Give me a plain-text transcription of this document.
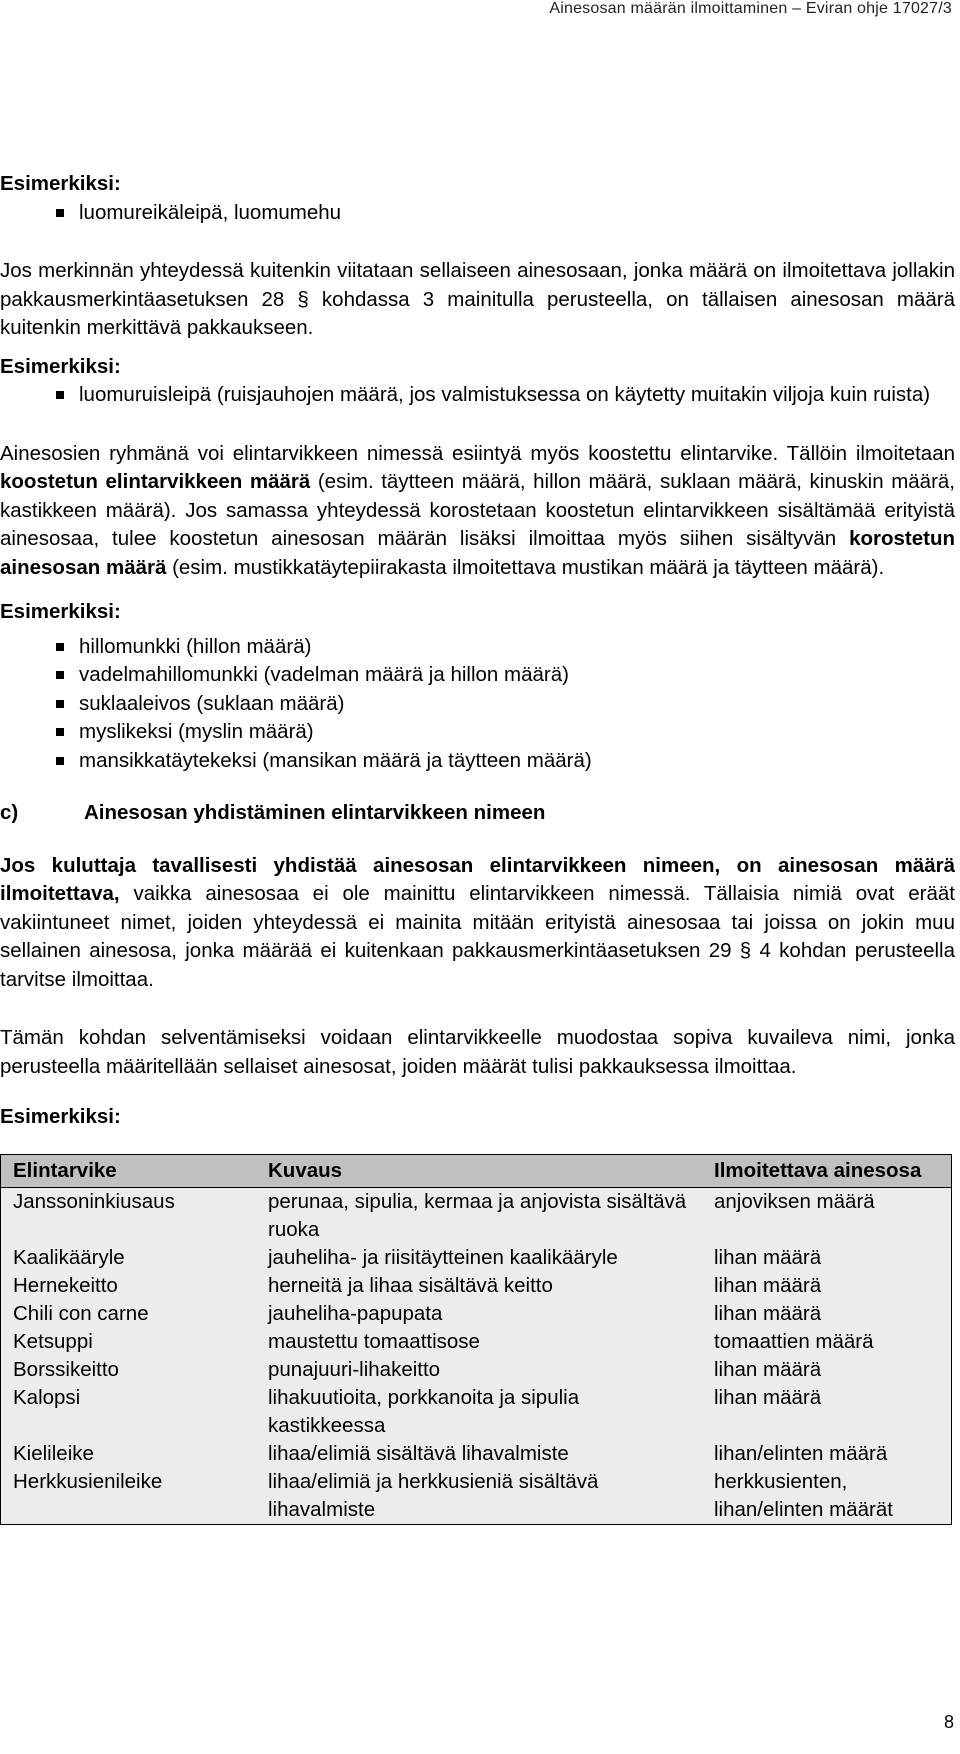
Ainesosan määrän ilmoittaminen – Eviran ohje 17027/3

Esimerkiksi:

luomureikäleipä, luomumehu

Jos merkinnän yhteydessä kuitenkin viitataan sellaiseen ainesosaan, jonka määrä on ilmoitettava jollakin pakkausmerkintäasetuksen 28 § kohdassa 3 mainitulla perusteella, on tällaisen ainesosan määrä kuitenkin merkittävä pakkaukseen.

Esimerkiksi:

luomuruisleipä (ruisjauhojen määrä, jos valmistuksessa on käytetty muitakin viljoja kuin ruista)

Ainesosien ryhmänä voi elintarvikkeen nimessä esiintyä myös koostettu elintarvike. Tällöin ilmoitetaan koostetun elintarvikkeen määrä (esim. täytteen määrä, hillon määrä, suklaan määrä, kinuskin määrä, kastikkeen määrä). Jos samassa yhteydessä korostetaan koostetun elintarvikkeen sisältämää erityistä ainesosaa, tulee koostetun ainesosan määrän lisäksi ilmoittaa myös siihen sisältyvän korostetun ainesosan määrä (esim. mustikkatäytepiirakasta ilmoitettava mustikan määrä ja täytteen määrä).

Esimerkiksi:

hillomunkki (hillon määrä)
vadelmahillomunkki (vadelman määrä ja hillon määrä)
suklaaleivos (suklaan määrä)
myslikeksi (myslin määrä)
mansikkatäytekeksi (mansikan määrä ja täytteen määrä)

c)	Ainesosan yhdistäminen elintarvikkeen nimeen

Jos kuluttaja tavallisesti yhdistää ainesosan elintarvikkeen nimeen, on ainesosan määrä ilmoitettava, vaikka ainesosaa ei ole mainittu elintarvikkeen nimessä. Tällaisia nimiä ovat eräät vakiintuneet nimet, joiden yhteydessä ei mainita mitään erityistä ainesosaa tai joissa on jokin muu sellainen ainesosa, jonka määrää ei kuitenkaan pakkausmerkintäasetuksen 29 § 4 kohdan perusteella tarvitse ilmoittaa.

Tämän kohdan selventämiseksi voidaan elintarvikkeelle muodostaa sopiva kuvaileva nimi, jonka perusteella määritellään sellaiset ainesosat, joiden määrät tulisi pakkauksessa ilmoittaa.

Esimerkiksi:

Elintarvike	Kuvaus	Ilmoitettava ainesosa
Janssoninkiusaus	perunaa, sipulia, kermaa ja anjovista sisältävä ruoka	anjoviksen määrä
Kaalikääryle	jauheliha- ja riisitäytteinen kaalikääryle	lihan määrä
Hernekeitto	herneitä ja lihaa sisältävä keitto	lihan määrä
Chili con carne	jauheliha-papupata	lihan määrä
Ketsuppi	maustettu tomaattisose	tomaattien määrä
Borssikeitto	punajuuri-lihakeitto	lihan määrä
Kalopsi	lihakuutioita, porkkanoita ja sipulia kastikkeessa	lihan määrä
Kielileike	lihaa/elimiä sisältävä lihavalmiste	lihan/elinten määrä
Herkkusienileike	lihaa/elimiä ja herkkusieniä sisältävä lihavalmiste	herkkusienten, lihan/elinten määrät
8
